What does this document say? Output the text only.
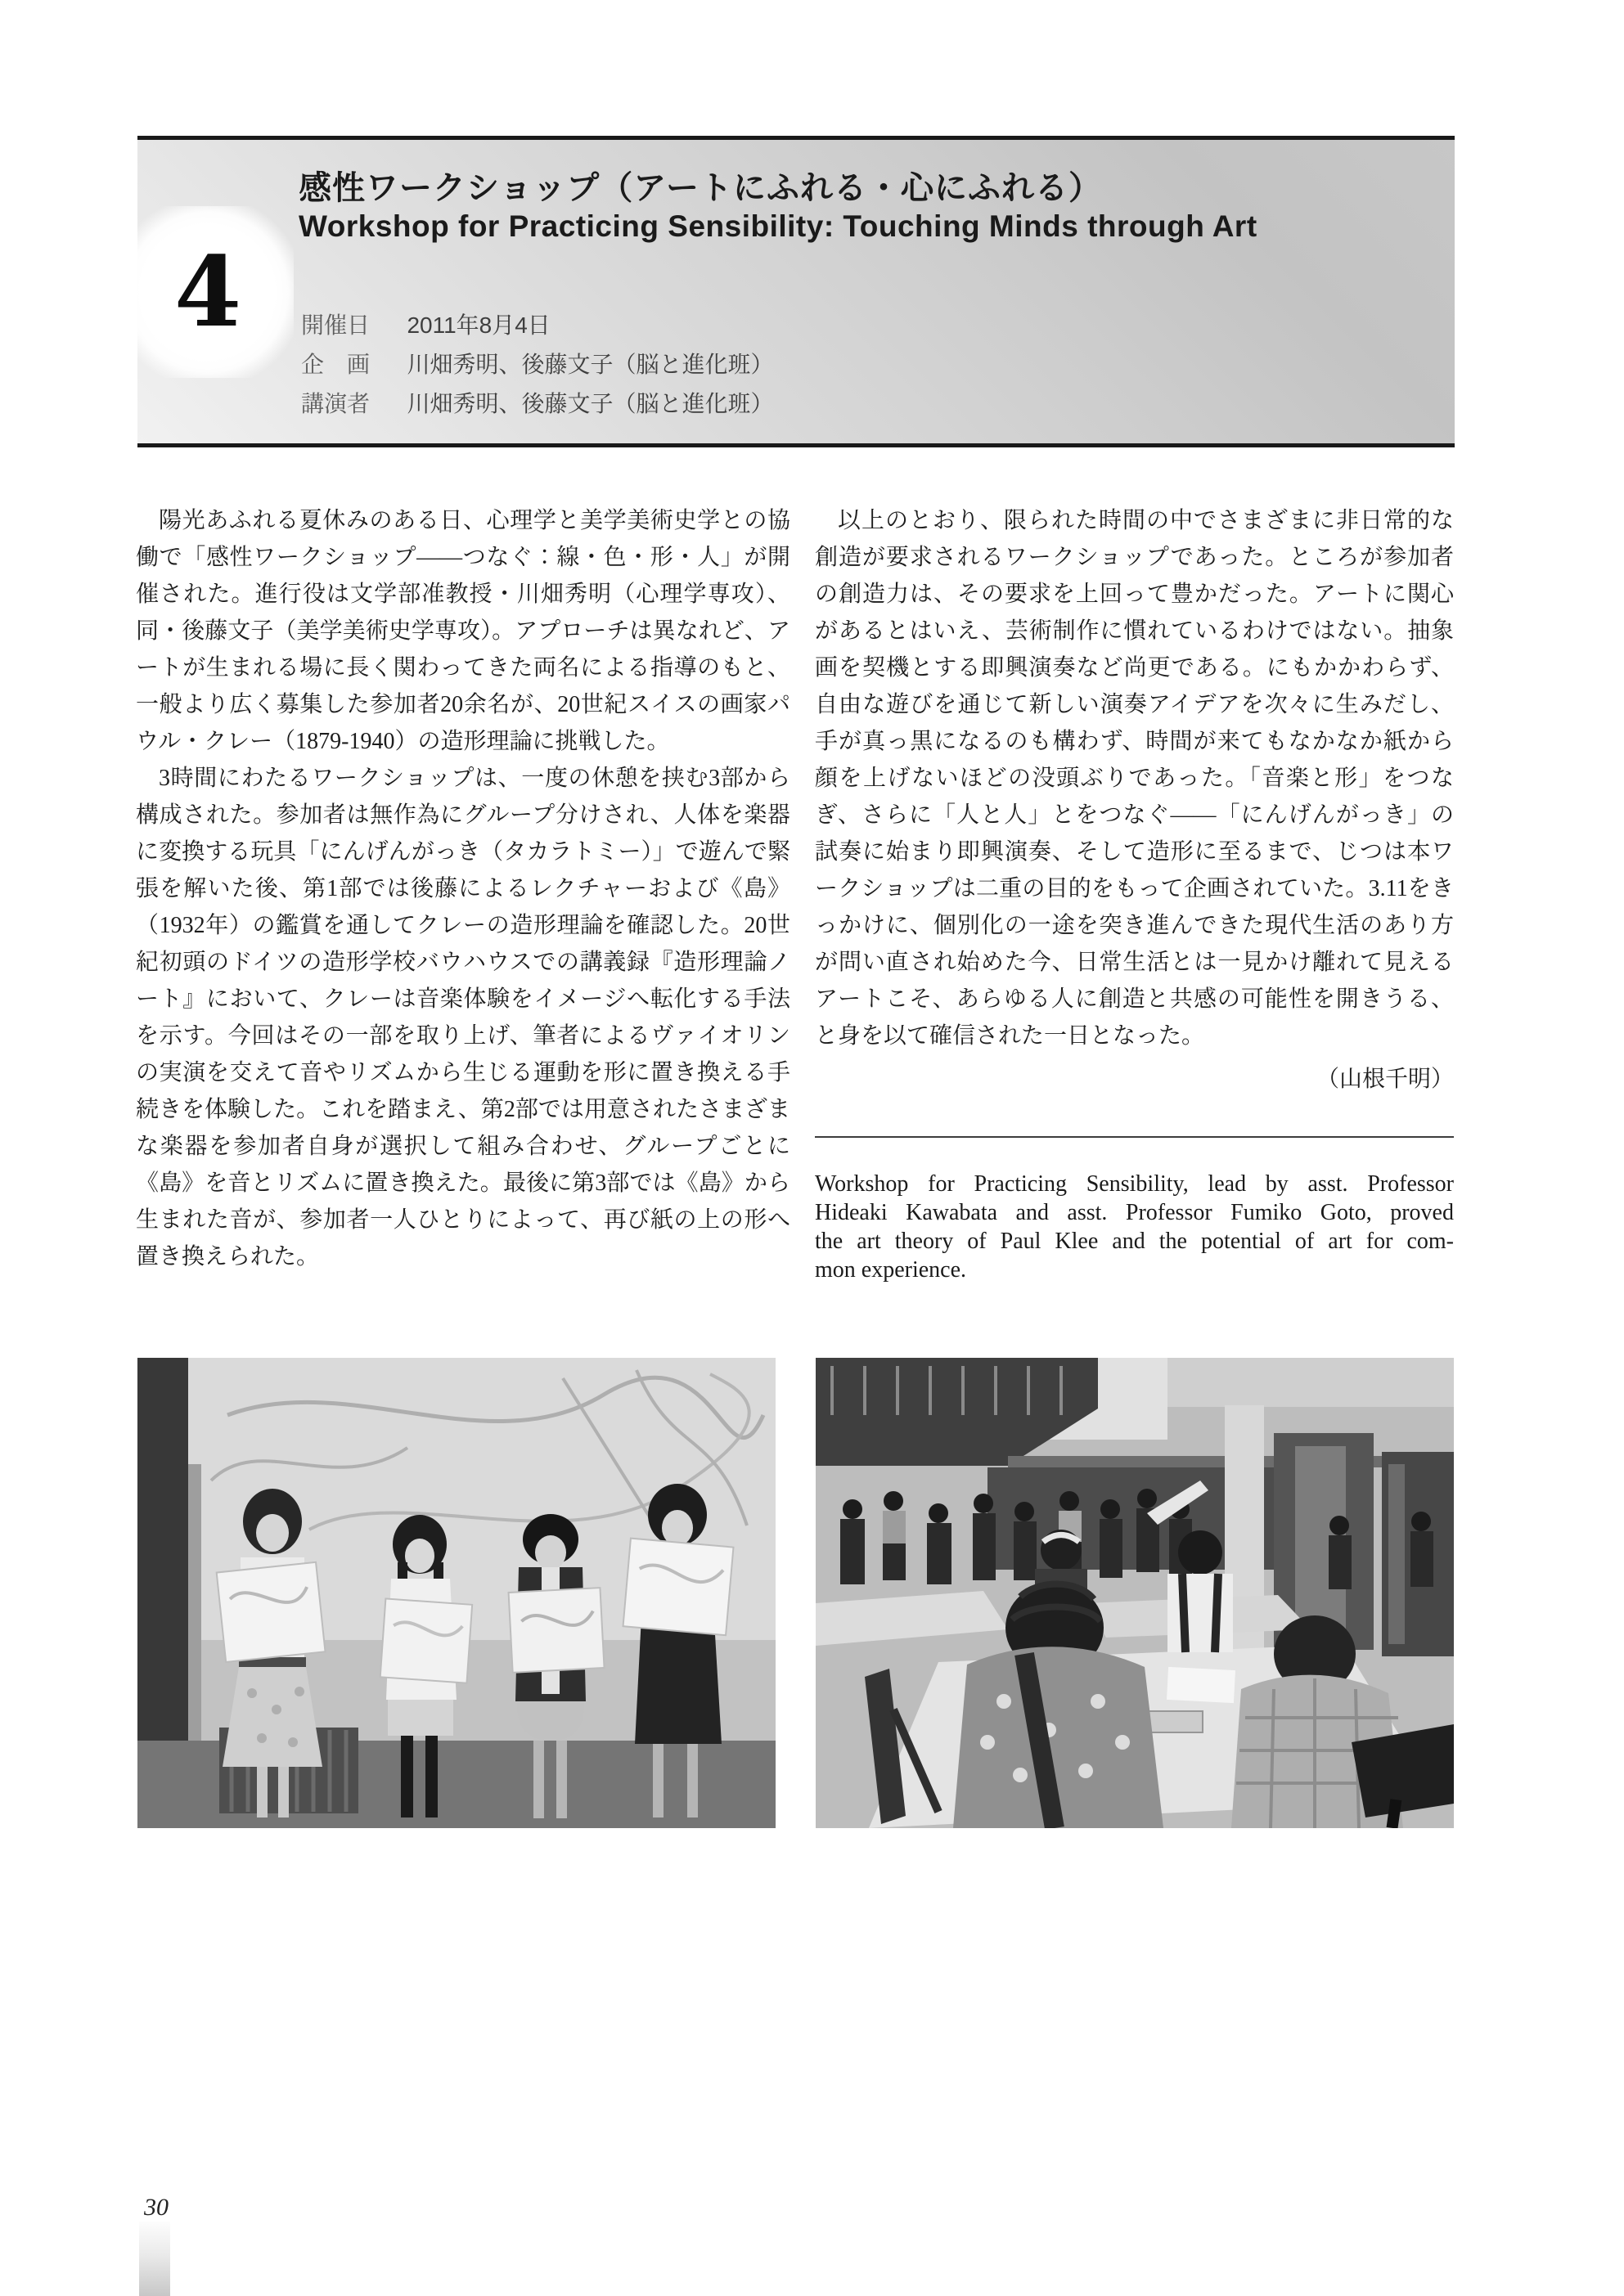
4
感性ワークショップ（アートにふれる・心にふれる）
Workshop for Practicing Sensibility: Touching Minds through Art
開催日 2011年8月4日
企　画 川畑秀明、後藤文子（脳と進化班）
講演者 川畑秀明、後藤文子（脳と進化班）

陽光あふれる夏休みのある日、心理学と美学美術史学との協働で「感性ワークショップ――つなぐ：線・色・形・人」が開催された。進行役は文学部准教授・川畑秀明（心理学専攻）、同・後藤文子（美学美術史学専攻）。アプローチは異なれど、アートが生まれる場に長く関わってきた両名による指導のもと、一般より広く募集した参加者20余名が、20世紀スイスの画家パウル・クレー（1879-1940）の造形理論に挑戦した。

3時間にわたるワークショップは、一度の休憩を挟む3部から構成された。参加者は無作為にグループ分けされ、人体を楽器に変換する玩具「にんげんがっき（タカラトミー）」で遊んで緊張を解いた後、第1部では後藤によるレクチャーおよび《島》（1932年）の鑑賞を通してクレーの造形理論を確認した。20世紀初頭のドイツの造形学校バウハウスでの講義録『造形理論ノート』において、クレーは音楽体験をイメージへ転化する手法を示す。今回はその一部を取り上げ、筆者によるヴァイオリンの実演を交えて音やリズムから生じる運動を形に置き換える手続きを体験した。これを踏まえ、第2部では用意されたさまざまな楽器を参加者自身が選択して組み合わせ、グループごとに《島》を音とリズムに置き換えた。最後に第3部では《島》から生まれた音が、参加者一人ひとりによって、再び紙の上の形へ置き換えられた。

以上のとおり、限られた時間の中でさまざまに非日常的な創造が要求されるワークショップであった。ところが参加者の創造力は、その要求を上回って豊かだった。アートに関心があるとはいえ、芸術制作に慣れているわけではない。抽象画を契機とする即興演奏など尚更である。にもかかわらず、自由な遊びを通じて新しい演奏アイデアを次々に生みだし、手が真っ黒になるのも構わず、時間が来てもなかなか紙から顔を上げないほどの没頭ぶりであった。「音楽と形」をつなぎ、さらに「人と人」とをつなぐ――「にんげんがっき」の試奏に始まり即興演奏、そして造形に至るまで、じつは本ワークショップは二重の目的をもって企画されていた。3.11をきっかけに、個別化の一途を突き進んできた現代生活のあり方が問い直され始めた今、日常生活とは一見かけ離れて見えるアートこそ、あらゆる人に創造と共感の可能性を開きうる、と身を以て確信された一日となった。

（山根千明）
Workshop for Practicing Sensibility, lead by asst. Professor
Hideaki Kawabata and asst. Professor Fumiko Goto, proved
the art theory of Paul Klee and the potential of art for com-
mon experience.
30
